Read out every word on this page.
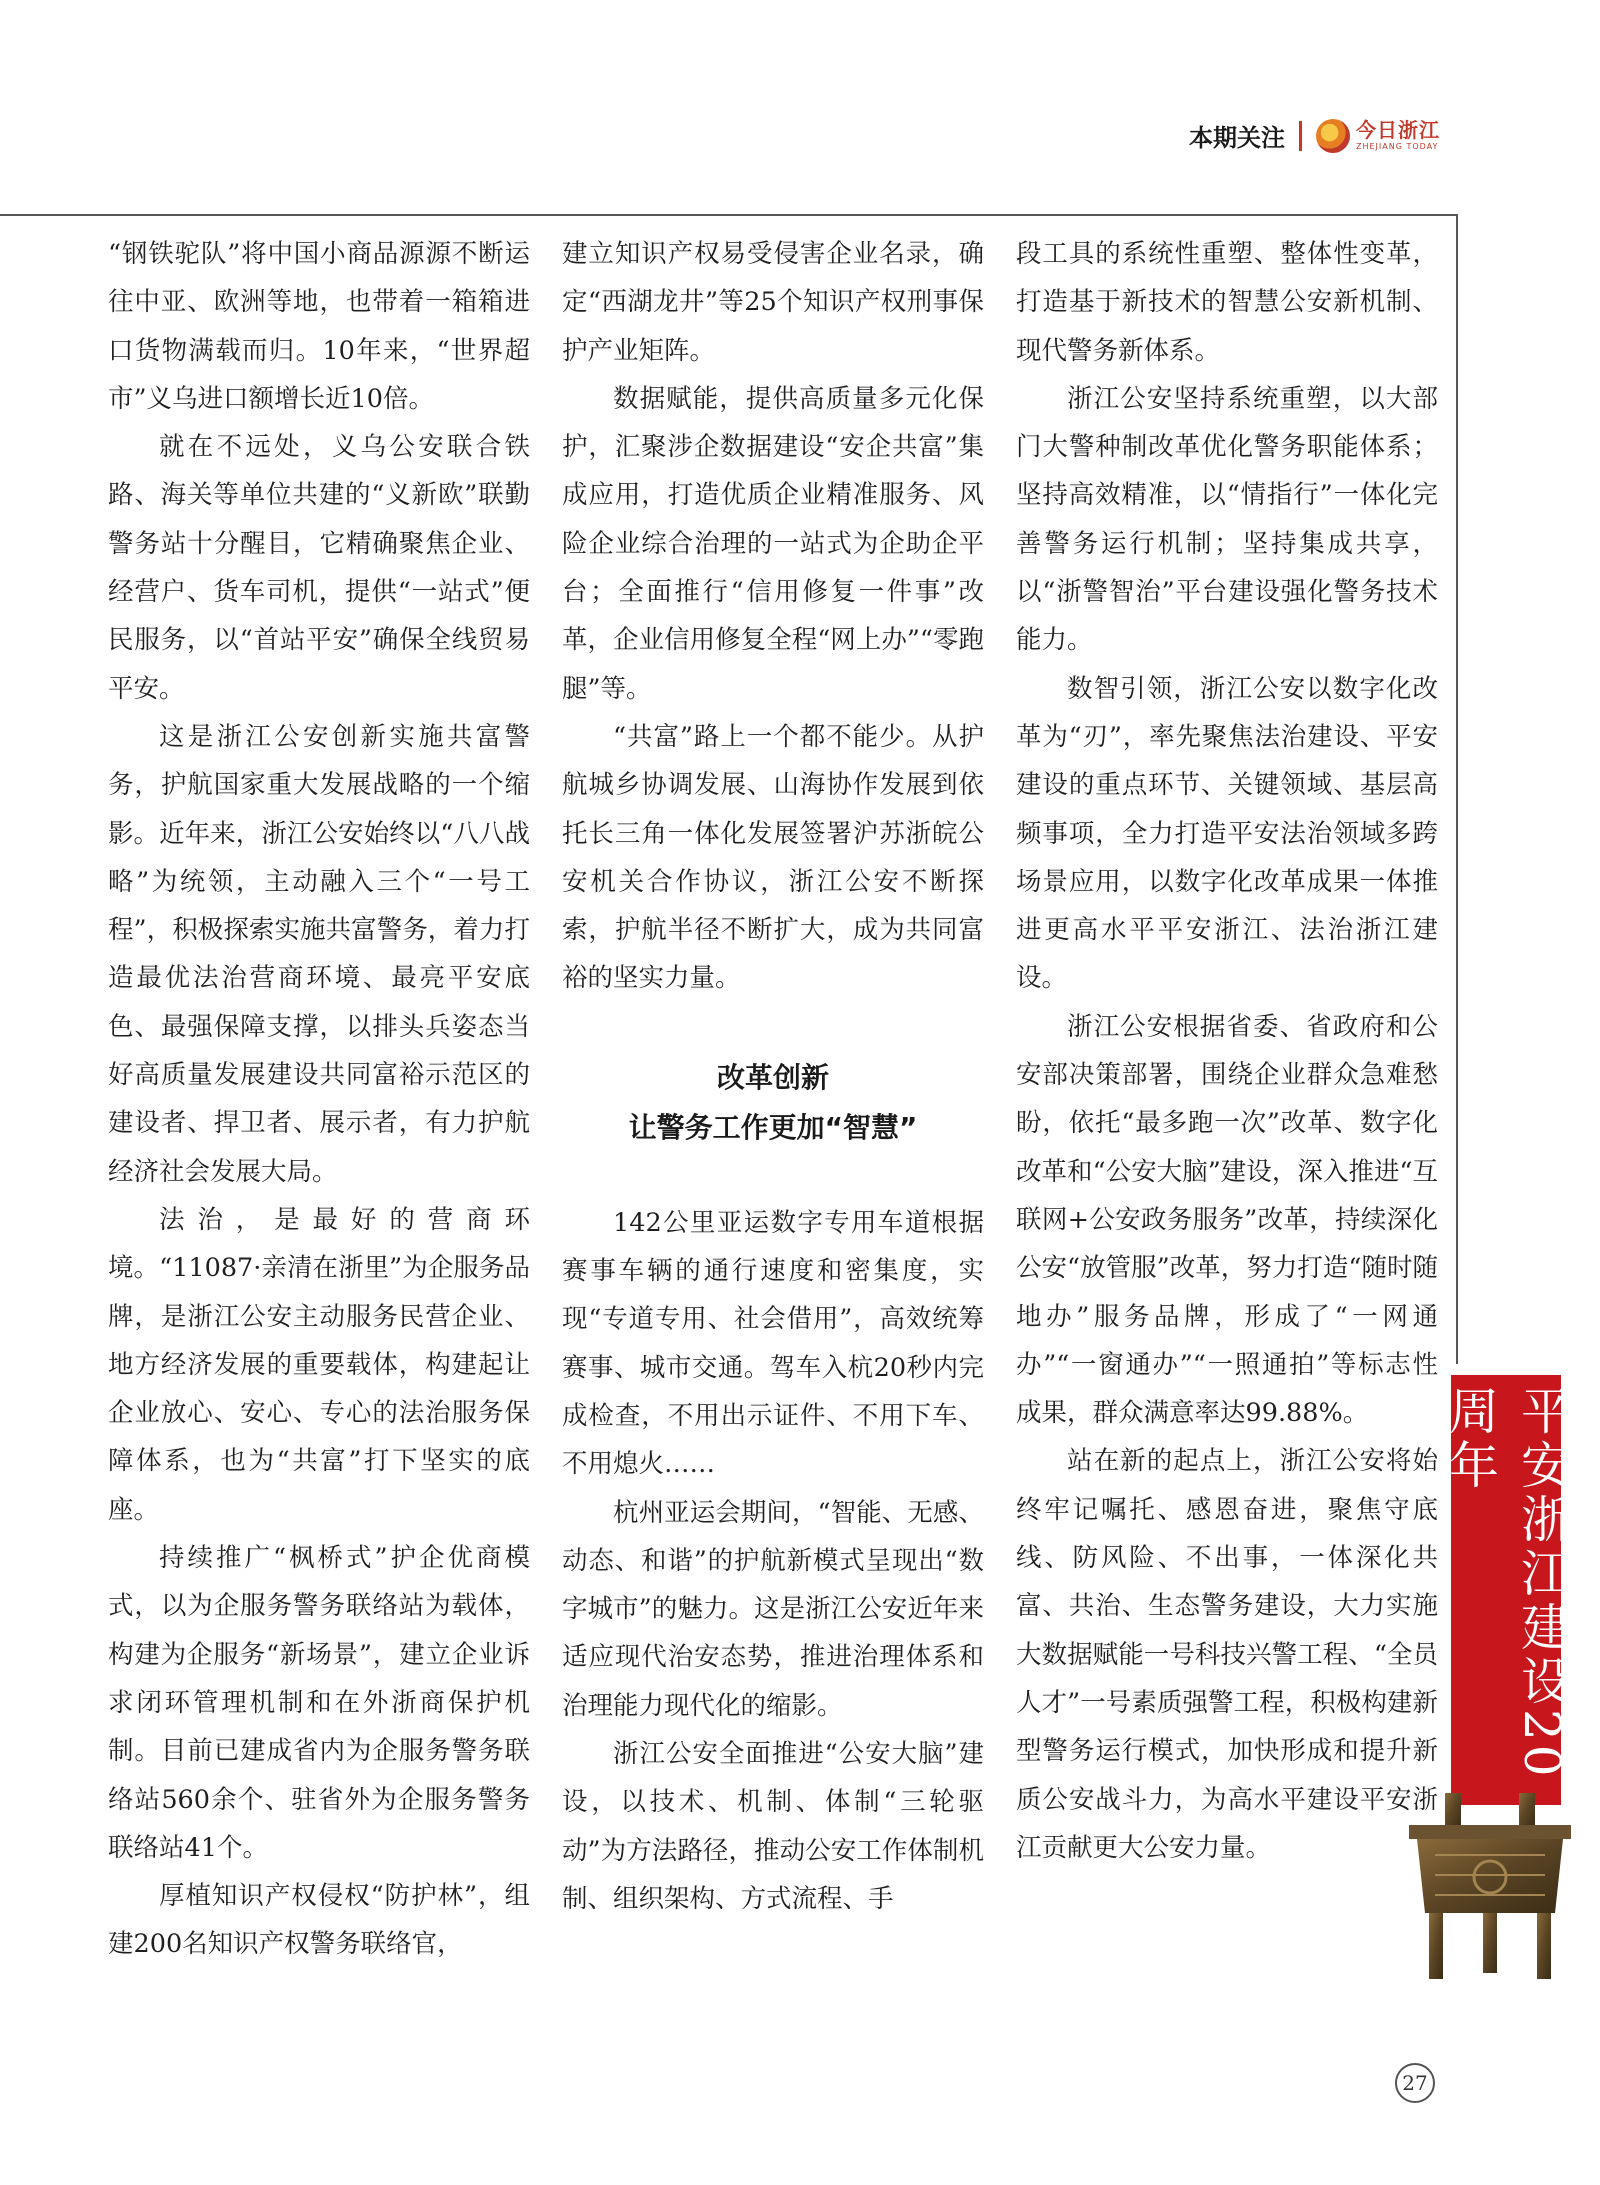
本期关注	今日浙江
ZHEJIANG TODAY

“钢铁驼队”将中国小商品源源不断运往中亚、欧洲等地，也带着一箱箱进口货物满载而归。10年来，“世界超市”义乌进口额增长近10倍。

就在不远处，义乌公安联合铁路、海关等单位共建的“义新欧”联勤警务站十分醒目，它精确聚焦企业、经营户、货车司机，提供“一站式”便民服务，以“首站平安”确保全线贸易平安。

这是浙江公安创新实施共富警务，护航国家重大发展战略的一个缩影。近年来，浙江公安始终以“八八战略”为统领，主动融入三个“一号工程”，积极探索实施共富警务，着力打造最优法治营商环境、最亮平安底色、最强保障支撑，以排头兵姿态当好高质量发展建设共同富裕示范区的建设者、捍卫者、展示者，有力护航经济社会发展大局。

法治，是最好的营商环境。“11087·亲清在浙里”为企服务品牌，是浙江公安主动服务民营企业、地方经济发展的重要载体，构建起让企业放心、安心、专心的法治服务保障体系，也为“共富”打下坚实的底座。

持续推广“枫桥式”护企优商模式，以为企服务警务联络站为载体，构建为企服务“新场景”，建立企业诉求闭环管理机制和在外浙商保护机制。目前已建成省内为企服务警务联络站560余个、驻省外为企服务警务联络站41个。

厚植知识产权侵权“防护林”，组建200名知识产权警务联络官，

建立知识产权易受侵害企业名录，确定“西湖龙井”等25个知识产权刑事保护产业矩阵。

数据赋能，提供高质量多元化保护，汇聚涉企数据建设“安企共富”集成应用，打造优质企业精准服务、风险企业综合治理的一站式为企助企平台；全面推行“信用修复一件事”改革，企业信用修复全程“网上办”“零跑腿”等。

“共富”路上一个都不能少。从护航城乡协调发展、山海协作发展到依托长三角一体化发展签署沪苏浙皖公安机关合作协议，浙江公安不断探索，护航半径不断扩大，成为共同富裕的坚实力量。

改革创新
让警务工作更加“智慧”

142公里亚运数字专用车道根据赛事车辆的通行速度和密集度，实现“专道专用、社会借用”，高效统筹赛事、城市交通。驾车入杭20秒内完成检查，不用出示证件、不用下车、不用熄火……

杭州亚运会期间，“智能、无感、动态、和谐”的护航新模式呈现出“数字城市”的魅力。这是浙江公安近年来适应现代治安态势，推进治理体系和治理能力现代化的缩影。

浙江公安全面推进“公安大脑”建设，以技术、机制、体制“三轮驱动”为方法路径，推动公安工作体制机制、组织架构、方式流程、手

段工具的系统性重塑、整体性变革，打造基于新技术的智慧公安新机制、现代警务新体系。

浙江公安坚持系统重塑，以大部门大警种制改革优化警务职能体系；坚持高效精准，以“情指行”一体化完善警务运行机制；坚持集成共享，以“浙警智治”平台建设强化警务技术能力。

数智引领，浙江公安以数字化改革为“刃”，率先聚焦法治建设、平安建设的重点环节、关键领域、基层高频事项，全力打造平安法治领域多跨场景应用，以数字化改革成果一体推进更高水平平安浙江、法治浙江建设。

浙江公安根据省委、省政府和公安部决策部署，围绕企业群众急难愁盼，依托“最多跑一次”改革、数字化改革和“公安大脑”建设，深入推进“互联网+公安政务服务”改革，持续深化公安“放管服”改革，努力打造“随时随地办”服务品牌，形成了“一网通办”“一窗通办”“一照通拍”等标志性成果，群众满意率达99.88%。

站在新的起点上，浙江公安将始终牢记嘱托、感恩奋进，聚焦守底线、防风险、不出事，一体深化共富、共治、生态警务建设，大力实施大数据赋能一号科技兴警工程、“全员人才”一号素质强警工程，积极构建新型警务运行模式，加快形成和提升新质公安战斗力，为高水平建设平安浙江贡献更大公安力量。

平安浙江建设20周年
27
